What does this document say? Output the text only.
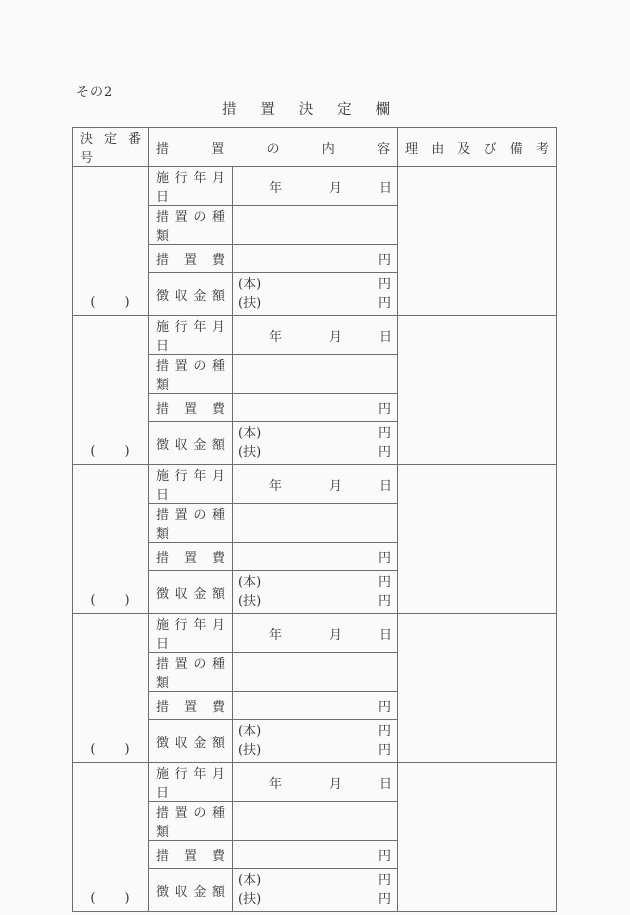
その2
措 置 決 定 欄
決 定 番 号	措 置 の 内 容		理 由 及 び 備 考

(　　)	施 行 年 月 日	年 月 日	

	措 置 の 種 類		

	措 置 費	円	

	徴 収 金 額	(本) 円
(扶) 円	

(　　)	施 行 年 月 日	年 月 日	

	措 置 の 種 類		

	措 置 費	円	

	徴 収 金 額	(本) 円
(扶) 円	

(　　)	施 行 年 月 日	年 月 日	

	措 置 の 種 類		

	措 置 費	円	

	徴 収 金 額	(本) 円
(扶) 円	

(　　)	施 行 年 月 日	年 月 日	

	措 置 の 種 類		

	措 置 費	円	

	徴 収 金 額	(本) 円
(扶) 円	

(　　)	施 行 年 月 日	年 月 日	

	措 置 の 種 類		

	措 置 費	円	

	徴 収 金 額	(本) 円
(扶) 円	
